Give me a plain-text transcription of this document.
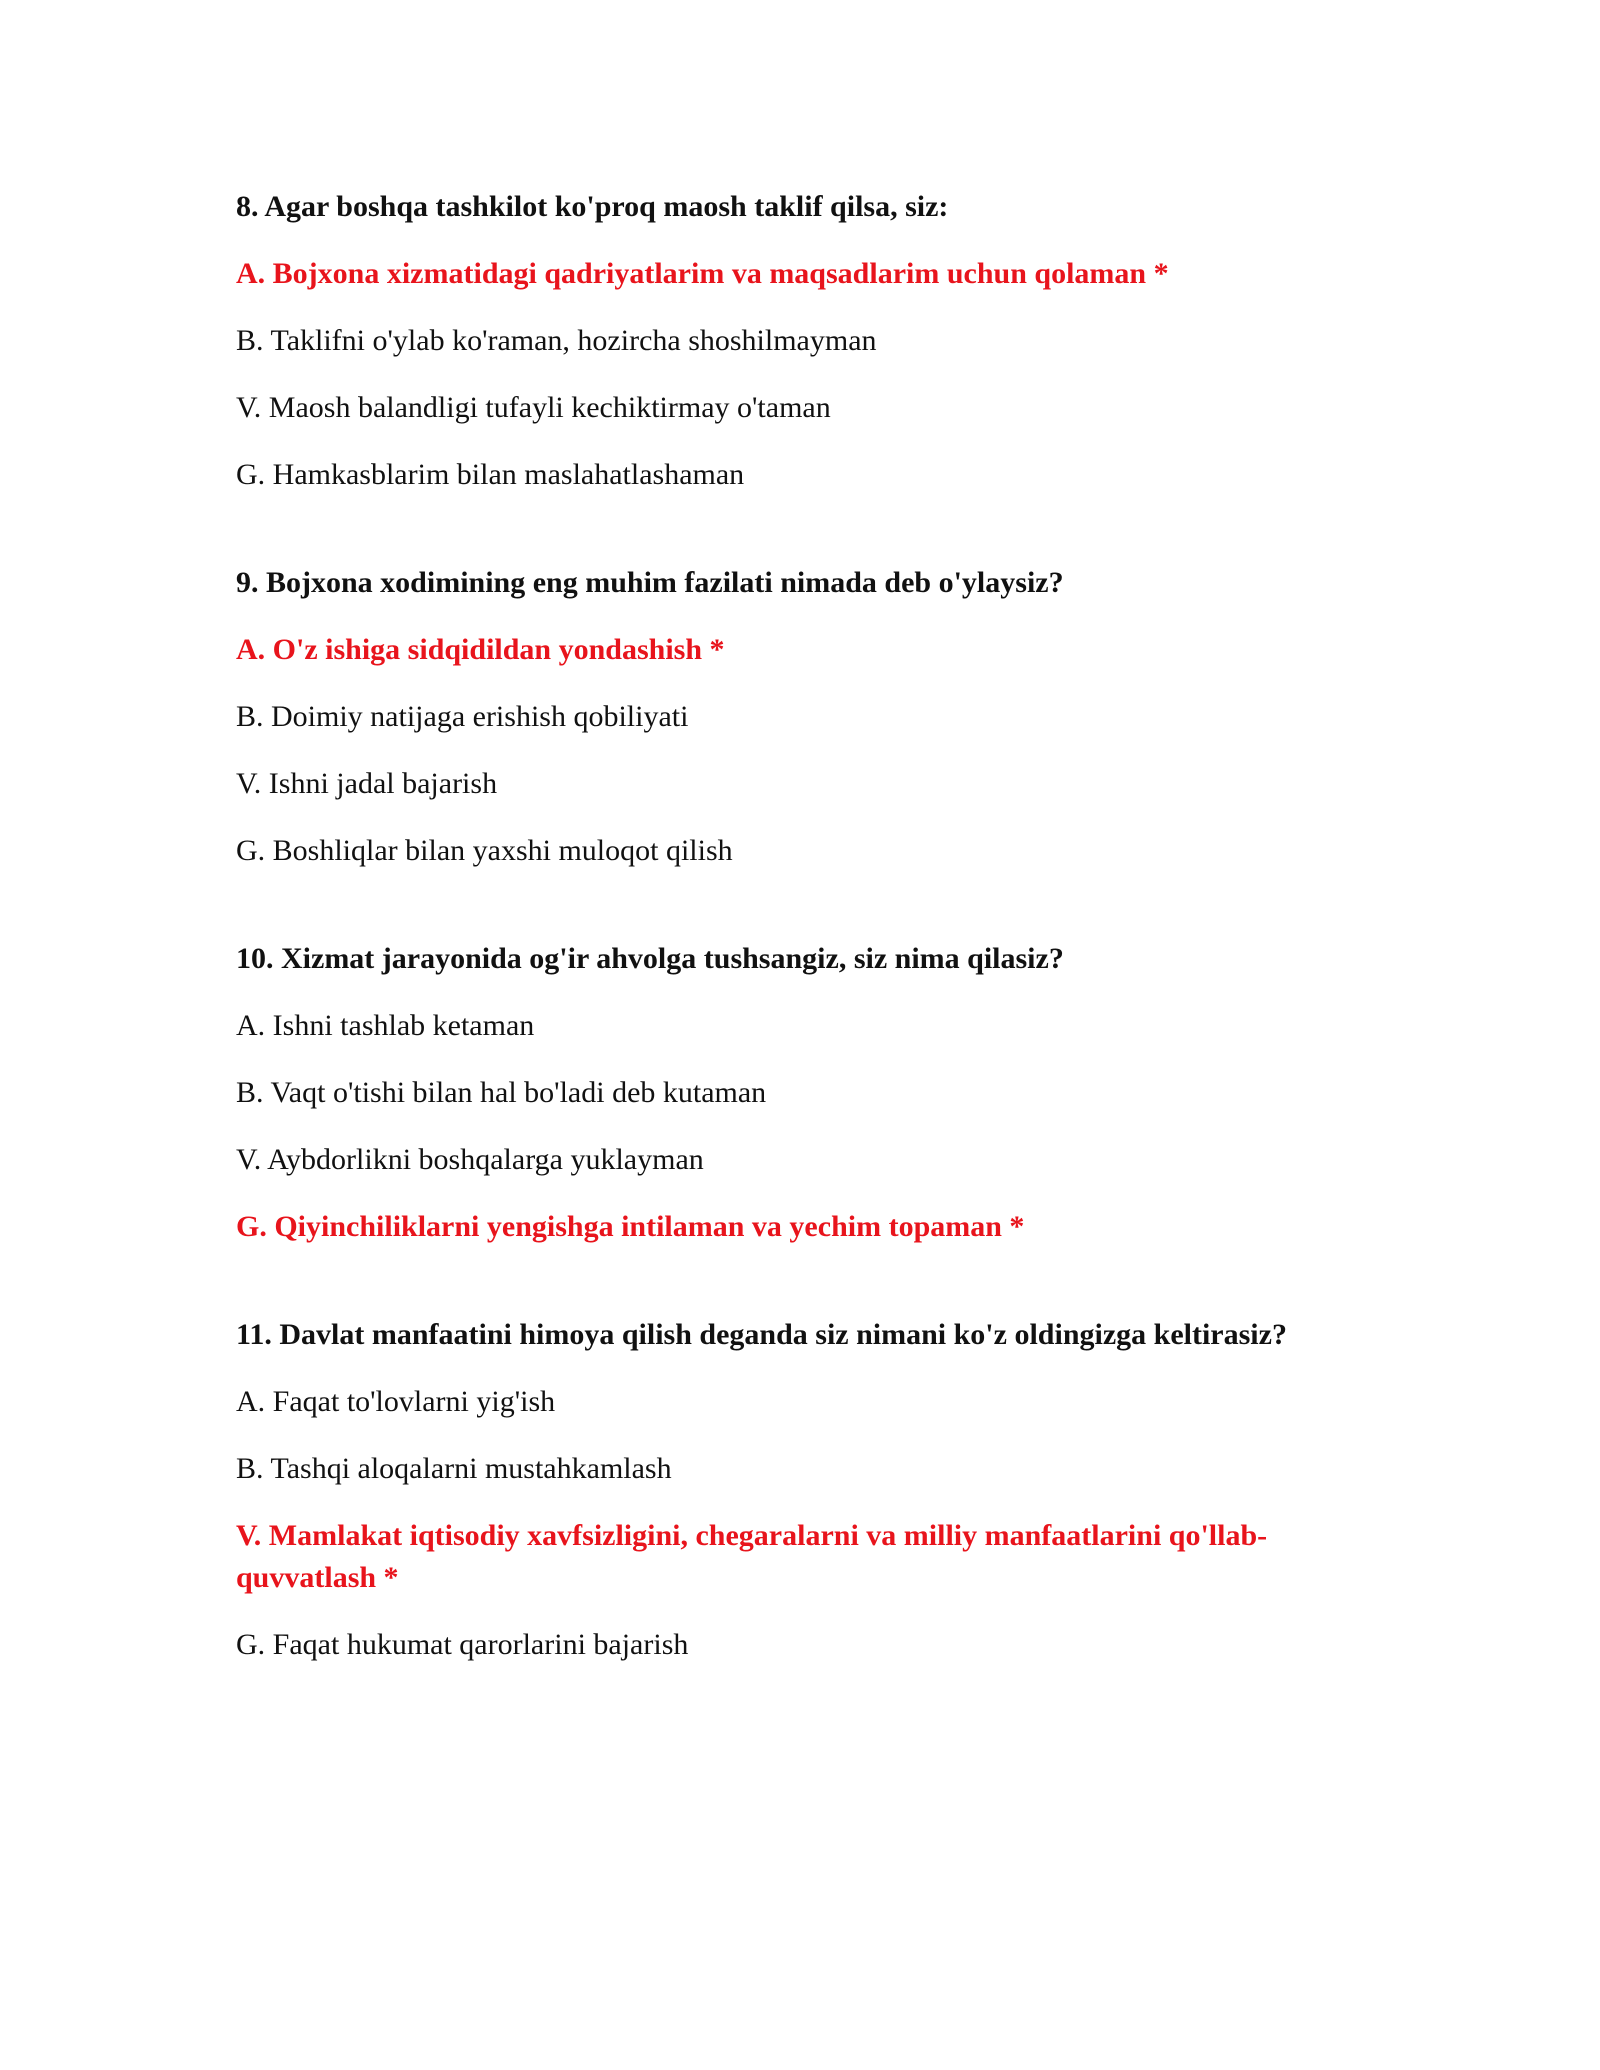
8. Agar boshqa tashkilot ko'proq maosh taklif qilsa, siz:
A. Bojxona xizmatidagi qadriyatlarim va maqsadlarim uchun qolaman *
B. Taklifni o'ylab ko'raman, hozircha shoshilmayman
V. Maosh balandligi tufayli kechiktirmay o'taman
G. Hamkasblarim bilan maslahatlashaman
9. Bojxona xodimining eng muhim fazilati nimada deb o'ylaysiz?
A. O'z ishiga sidqidildan yondashish *
B. Doimiy natijaga erishish qobiliyati
V. Ishni jadal bajarish
G. Boshliqlar bilan yaxshi muloqot qilish
10. Xizmat jarayonida og'ir ahvolga tushsangiz, siz nima qilasiz?
A. Ishni tashlab ketaman
B. Vaqt o'tishi bilan hal bo'ladi deb kutaman
V. Aybdorlikni boshqalarga yuklayman
G. Qiyinchiliklarni yengishga intilaman va yechim topaman *
11. Davlat manfaatini himoya qilish deganda siz nimani ko'z oldingizga keltirasiz?
A. Faqat to'lovlarni yig'ish
B. Tashqi aloqalarni mustahkamlash
V. Mamlakat iqtisodiy xavfsizligini, chegaralarni va milliy manfaatlarini qo'llab-quvvatlash *
G. Faqat hukumat qarorlarini bajarish
